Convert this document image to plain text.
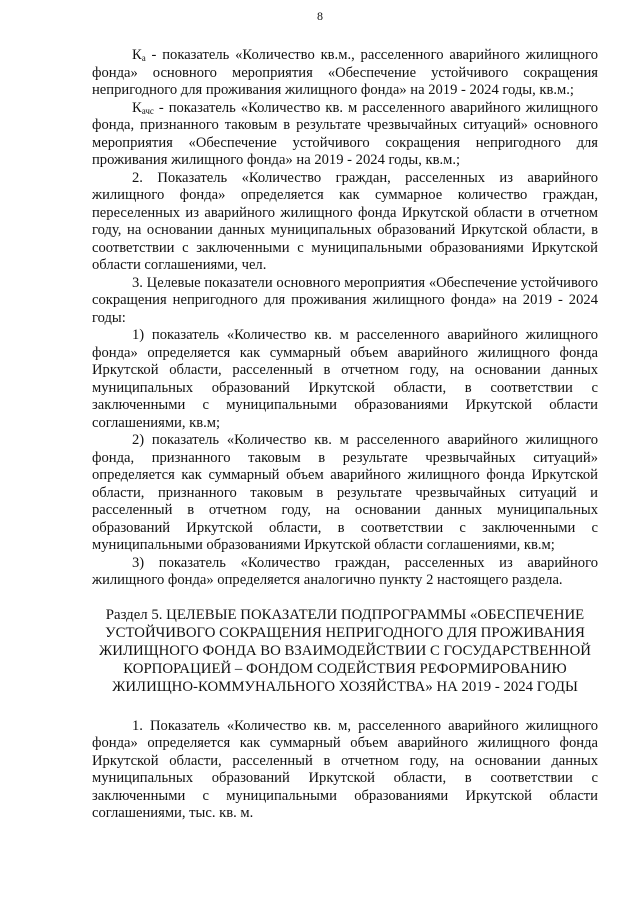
8

$К_а$ - показатель «Количество кв.м., расселенного аварийного жилищного фонда» основного мероприятия «Обеспечение устойчивого сокращения непригодного для проживания жилищного фонда» на 2019 - 2024 годы, кв.м.;

$К_{ачс}$ - показатель «Количество кв. м расселенного аварийного жилищного фонда, признанного таковым в результате чрезвычайных ситуаций» основного мероприятия «Обеспечение устойчивого сокращения непригодного для проживания жилищного фонда» на 2019 - 2024 годы, кв.м.;

2. Показатель «Количество граждан, расселенных из аварийного жилищного фонда» определяется как суммарное количество граждан, переселенных из аварийного жилищного фонда Иркутской области в отчетном году, на основании данных муниципальных образований Иркутской области, в соответствии с заключенными с муниципальными образованиями Иркутской области соглашениями, чел.

3. Целевые показатели основного мероприятия «Обеспечение устойчивого сокращения непригодного для проживания жилищного фонда» на 2019 - 2024 годы:

1) показатель «Количество кв. м расселенного аварийного жилищного фонда» определяется как суммарный объем аварийного жилищного фонда Иркутской области, расселенный в отчетном году, на основании данных муниципальных образований Иркутской области, в соответствии с заключенными с муниципальными образованиями Иркутской области соглашениями, кв.м;

2) показатель «Количество кв. м расселенного аварийного жилищного фонда, признанного таковым в результате чрезвычайных ситуаций» определяется как суммарный объем аварийного жилищного фонда Иркутской области, признанного таковым в результате чрезвычайных ситуаций и расселенный в отчетном году, на основании данных муниципальных образований Иркутской области, в соответствии с заключенными с муниципальными образованиями Иркутской области соглашениями, кв.м;

3) показатель «Количество граждан, расселенных из аварийного жилищного фонда» определяется аналогично пункту 2 настоящего раздела.

Раздел 5. ЦЕЛЕВЫЕ ПОКАЗАТЕЛИ ПОДПРОГРАММЫ «ОБЕСПЕЧЕНИЕ УСТОЙЧИВОГО СОКРАЩЕНИЯ НЕПРИГОДНОГО ДЛЯ ПРОЖИВАНИЯ ЖИЛИЩНОГО ФОНДА ВО ВЗАИМОДЕЙСТВИИ С ГОСУДАРСТВЕННОЙ КОРПОРАЦИЕЙ – ФОНДОМ СОДЕЙСТВИЯ РЕФОРМИРОВАНИЮ ЖИЛИЩНО-КОММУНАЛЬНОГО ХОЗЯЙСТВА» НА 2019 - 2024 ГОДЫ

1. Показатель «Количество кв. м, расселенного аварийного жилищного фонда» определяется как суммарный объем аварийного жилищного фонда Иркутской области, расселенный в отчетном году, на основании данных муниципальных образований Иркутской области, в соответствии с заключенными с муниципальными образованиями Иркутской области соглашениями, тыс. кв. м.
